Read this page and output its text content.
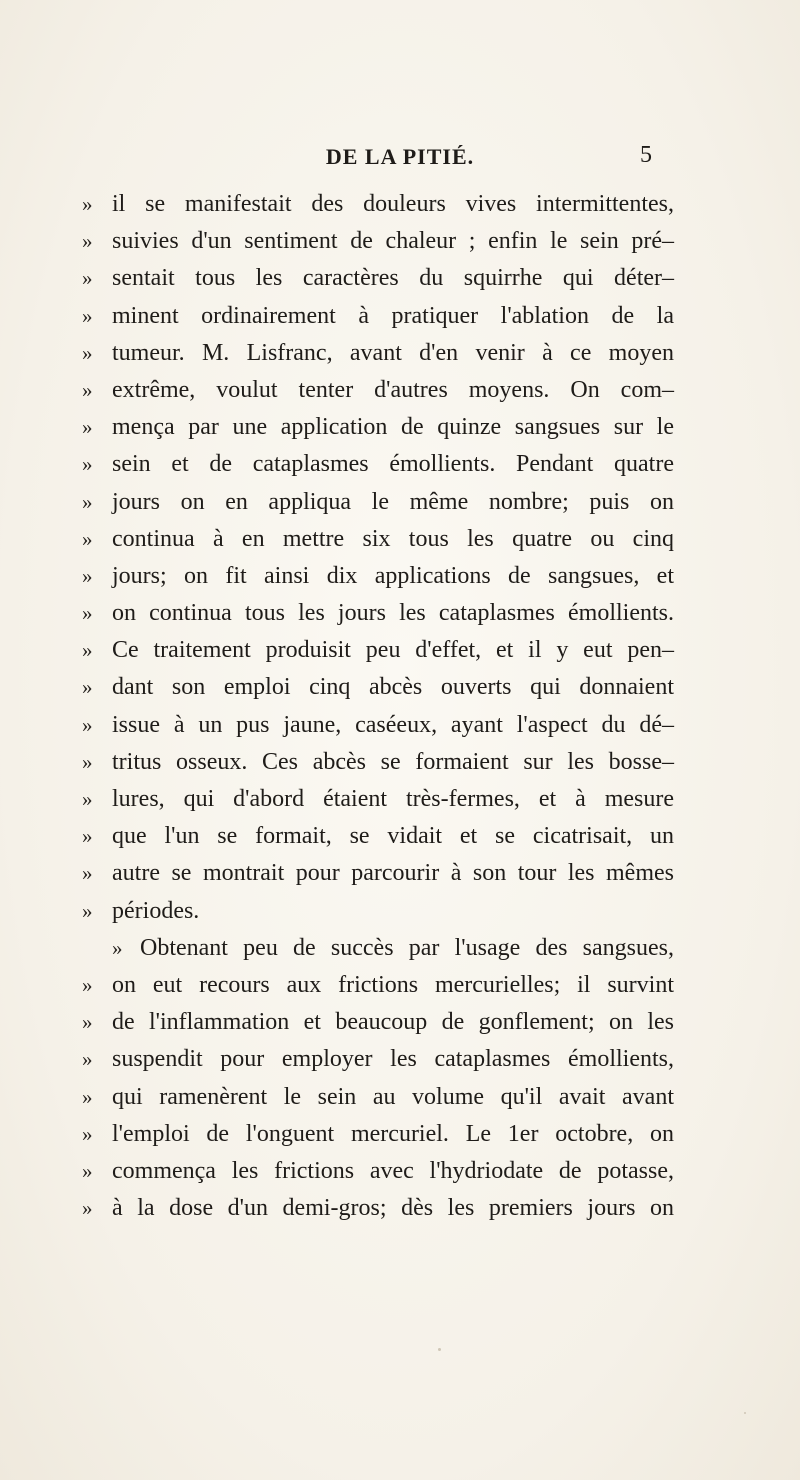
DE LA PITIÉ.	5
» il se manifestait des douleurs vives intermittentes,
» suivies d'un sentiment de chaleur ; enfin le sein pré–
» sentait tous les caractères du squirrhe qui déter–
» minent ordinairement à pratiquer l'ablation de la
» tumeur. M. Lisfranc, avant d'en venir à ce moyen
» extrême, voulut tenter d'autres moyens. On com–
» mença par une application de quinze sangsues sur le
» sein et de cataplasmes émollients. Pendant quatre
» jours on en appliqua le même nombre; puis on
» continua à en mettre six tous les quatre ou cinq
» jours; on fit ainsi dix applications de sangsues, et
» on continua tous les jours les cataplasmes émollients.
» Ce traitement produisit peu d'effet, et il y eut pen–
» dant son emploi cinq abcès ouverts qui donnaient
» issue à un pus jaune, caséeux, ayant l'aspect du dé–
» tritus osseux. Ces abcès se formaient sur les bosse–
» lures, qui d'abord étaient très-fermes, et à mesure
» que l'un se formait, se vidait et se cicatrisait, un
» autre se montrait pour parcourir à son tour les mêmes
» périodes.
» Obtenant peu de succès par l'usage des sangsues,
» on eut recours aux frictions mercurielles; il survint
» de l'inflammation et beaucoup de gonflement; on les
» suspendit pour employer les cataplasmes émollients,
» qui ramenèrent le sein au volume qu'il avait avant
» l'emploi de l'onguent mercuriel. Le 1er octobre, on
» commença les frictions avec l'hydriodate de potasse,
» à la dose d'un demi-gros; dès les premiers jours on
